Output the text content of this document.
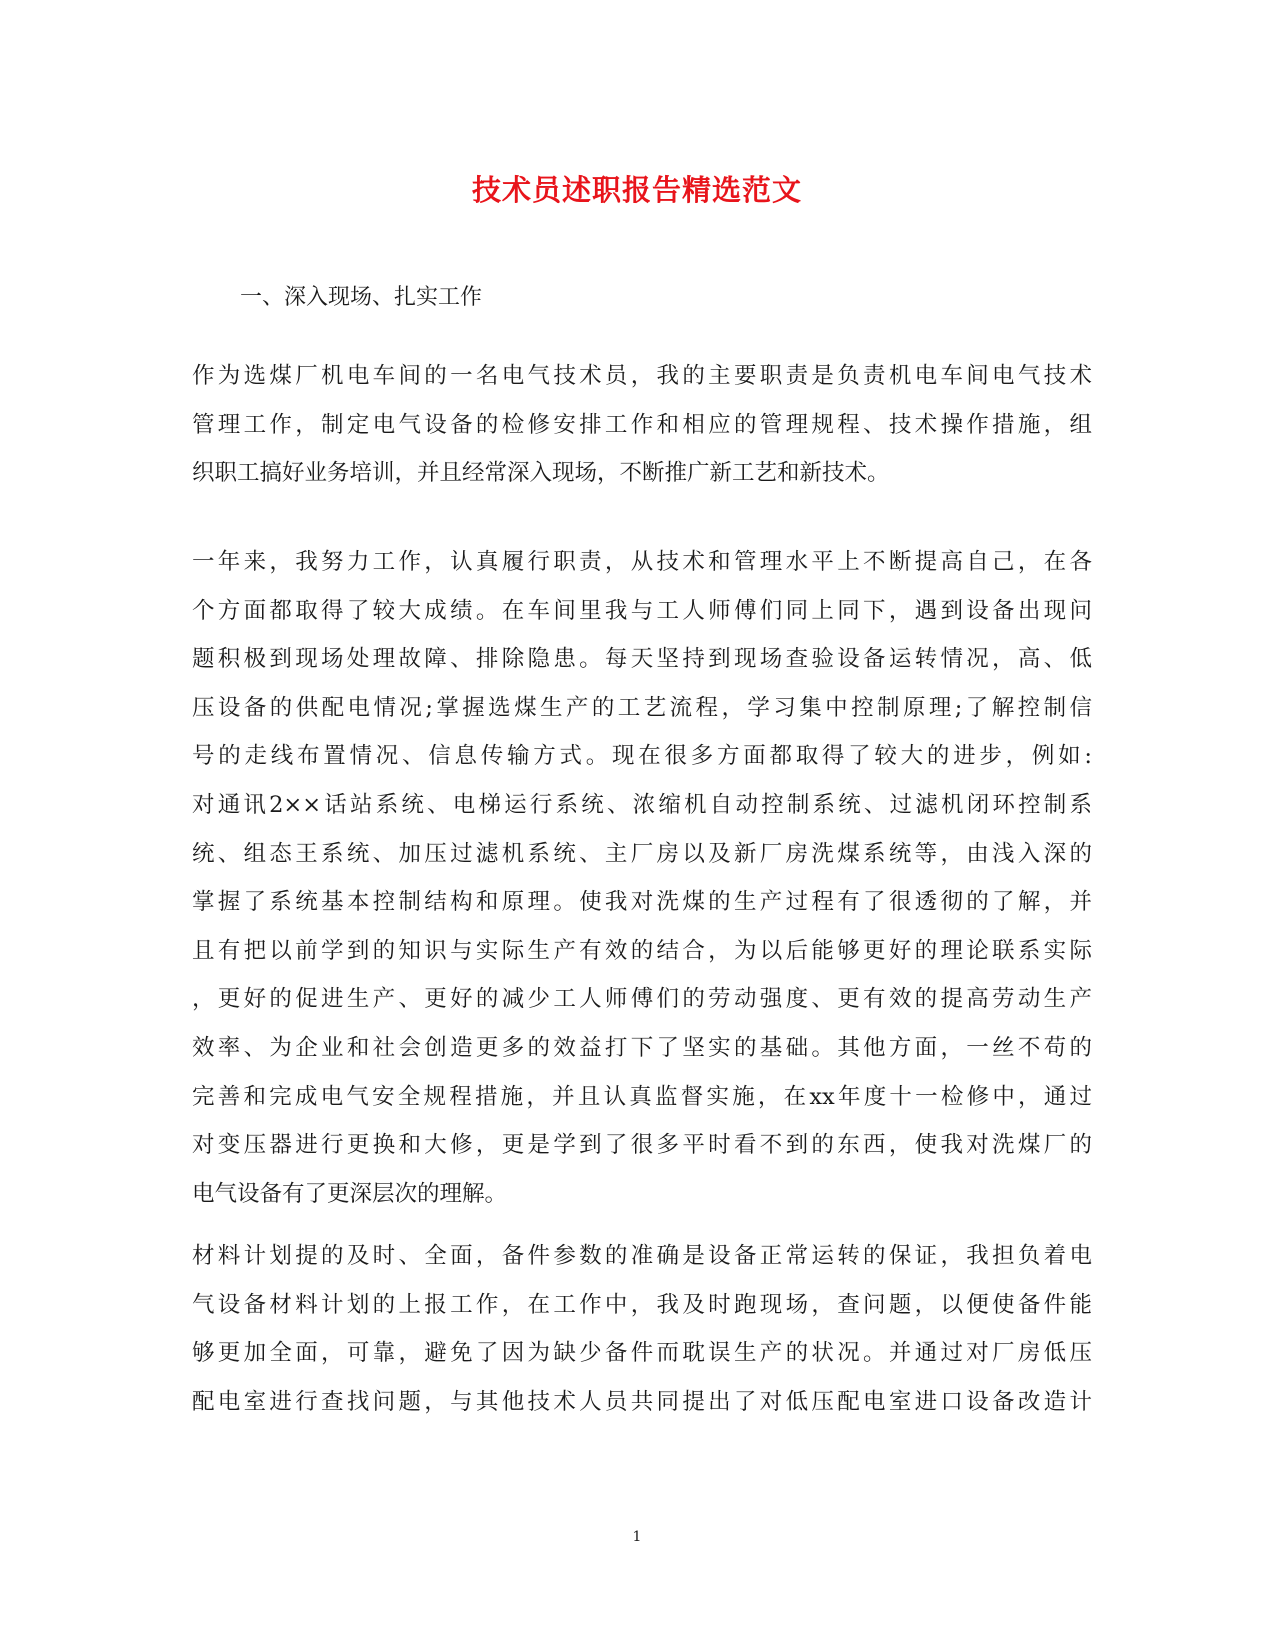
技术员述职报告精选范文
一、深入现场、扎实工作
作为选煤厂机电车间的一名电气技术员，我的主要职责是负责机电车间电气技术
管理工作，制定电气设备的检修安排工作和相应的管理规程、技术操作措施，组
织职工搞好业务培训，并且经常深入现场，不断推广新工艺和新技术。
一年来，我努力工作，认真履行职责，从技术和管理水平上不断提高自己，在各
个方面都取得了较大成绩。在车间里我与工人师傅们同上同下，遇到设备出现问
题积极到现场处理故障、排除隐患。每天坚持到现场查验设备运转情况，高、低
压设备的供配电情况;掌握选煤生产的工艺流程，学习集中控制原理;了解控制信
号的走线布置情况、信息传输方式。现在很多方面都取得了较大的进步，例如:
对通讯2××话站系统、电梯运行系统、浓缩机自动控制系统、过滤机闭环控制系
统、组态王系统、加压过滤机系统、主厂房以及新厂房洗煤系统等，由浅入深的
掌握了系统基本控制结构和原理。使我对洗煤的生产过程有了很透彻的了解，并
且有把以前学到的知识与实际生产有效的结合，为以后能够更好的理论联系实际
，更好的促进生产、更好的减少工人师傅们的劳动强度、更有效的提高劳动生产
效率、为企业和社会创造更多的效益打下了坚实的基础。其他方面，一丝不苟的
完善和完成电气安全规程措施，并且认真监督实施，在xx年度十一检修中，通过
对变压器进行更换和大修，更是学到了很多平时看不到的东西，使我对洗煤厂的
电气设备有了更深层次的理解。
材料计划提的及时、全面，备件参数的准确是设备正常运转的保证，我担负着电
气设备材料计划的上报工作，在工作中，我及时跑现场，查问题，以便使备件能
够更加全面，可靠，避免了因为缺少备件而耽误生产的状况。并通过对厂房低压
配电室进行查找问题，与其他技术人员共同提出了对低压配电室进口设备改造计
1
